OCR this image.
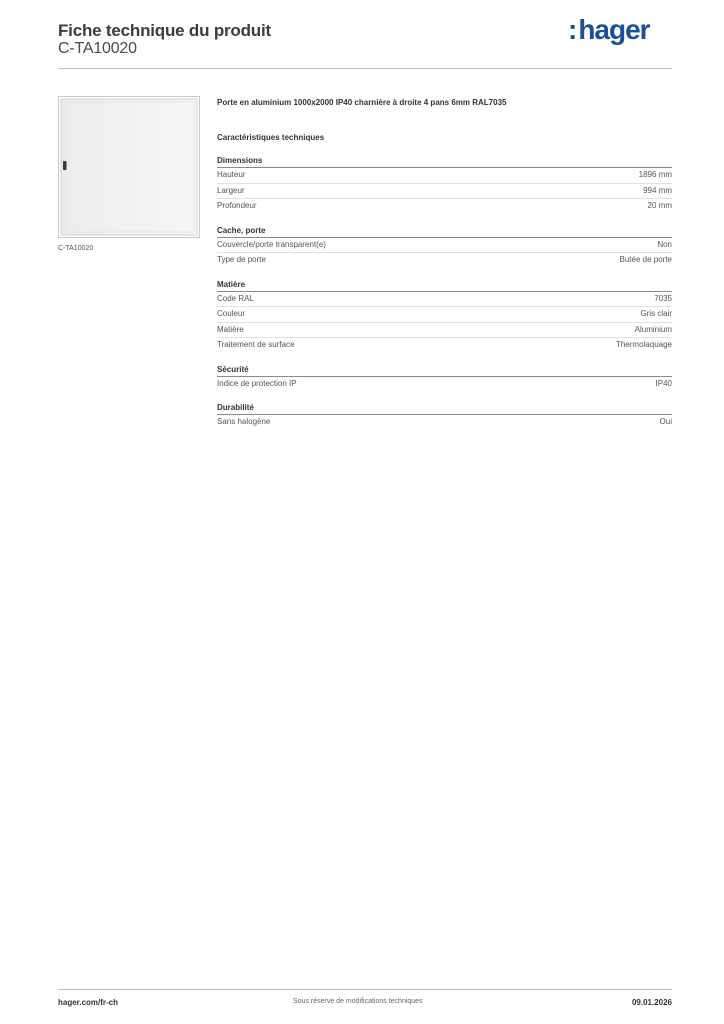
Fiche technique du produit
C-TA10020
:hager
C-TA10020
Porte en aluminium 1000x2000 IP40 charnière à droite 4 pans 6mm RAL7035
Caractéristiques techniques
Dimensions
Hauteur	1896 mm
Largeur	994 mm
Profondeur	20 mm
Cache, porte
Couvercle/porte transparent(e)	Non
Type de porte	Butée de porte
Matière
Code RAL	7035
Couleur	Gris clair
Matière	Aluminium
Traitement de surface	Thermolaquage
Sécurité
Indice de protection IP	IP40
Durabilité
Sans halogène	Oui
hager.com/fr-ch	Sous réserve de modifications techniques	09.01.2026
